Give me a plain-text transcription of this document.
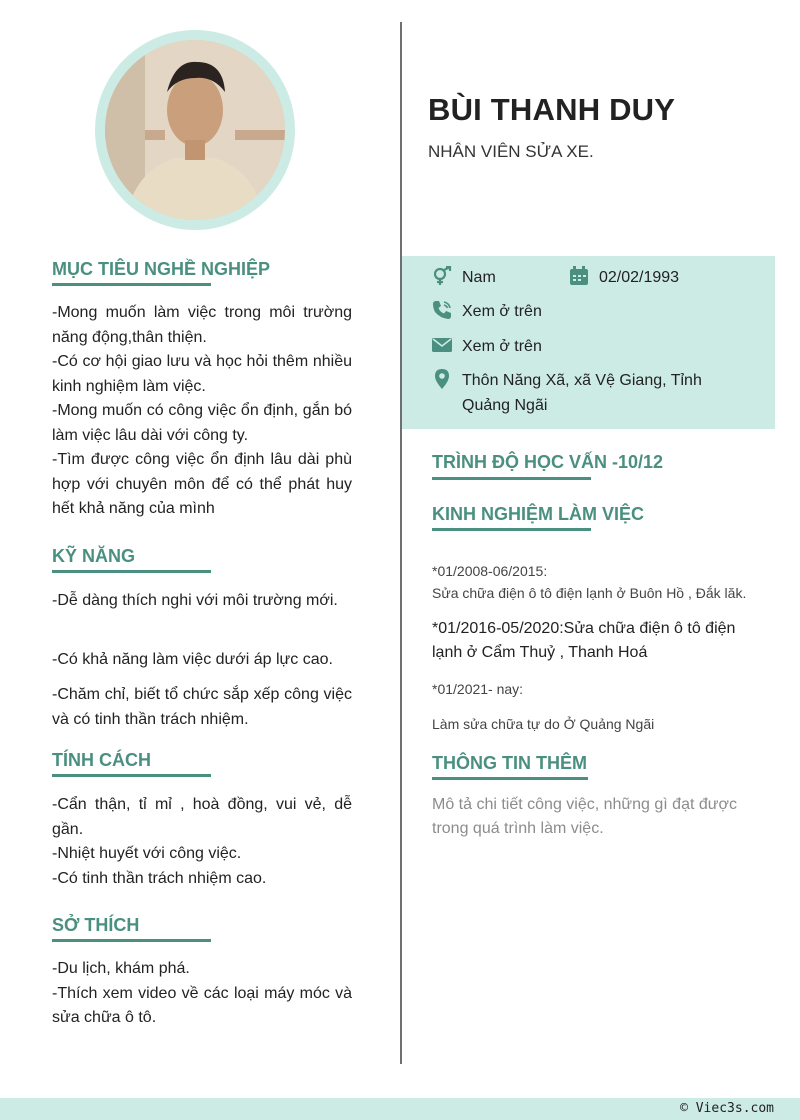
BÙI THANH DUY
NHÂN VIÊN SỬA XE.
Nam	02/02/1993
Xem ở trên
Xem ở trên
Thôn Năng Xã, xã Vệ Giang, Tỉnh Quảng Ngãi
MỤC TIÊU NGHỀ NGHIỆP
-Mong muốn làm việc trong môi trường năng động,thân thiện.
-Có cơ hội giao lưu và học hỏi thêm nhiều kinh nghiệm làm việc.
-Mong muốn có công việc ổn định, gắn bó làm việc lâu dài với công ty.
-Tìm được công việc ổn định lâu dài phù hợp với chuyên môn để có thể phát huy hết khả năng của mình
KỸ NĂNG
-Dễ dàng thích nghi với môi trường mới.
-Có khả năng làm việc dưới áp lực cao.
-Chăm chỉ, biết tổ chức sắp xếp công việc và có tinh thần trách nhiệm.
TÍNH CÁCH
-Cẩn thận, tỉ mỉ , hoà đồng, vui vẻ, dễ gần.
-Nhiệt huyết với công việc.
-Có tinh thần trách nhiệm cao.
SỞ THÍCH
-Du lịch, khám phá.
-Thích xem video về các loại máy móc và sửa chữa ô tô.
TRÌNH ĐỘ HỌC VẤN -10/12
KINH NGHIỆM LÀM VIỆC
*01/2008-06/2015:
Sửa chữa điện ô tô điện lạnh ở Buôn Hồ , Đắk lăk.
*01/2016-05/2020:Sửa chữa điện ô tô điện lạnh ở Cẩm Thuỷ , Thanh Hoá
*01/2021- nay:
Làm sửa chữa tự do Ở Quảng Ngãi
THÔNG TIN THÊM
Mô tả chi tiết công việc, những gì đạt được trong quá trình làm việc.
© Viec3s.com
